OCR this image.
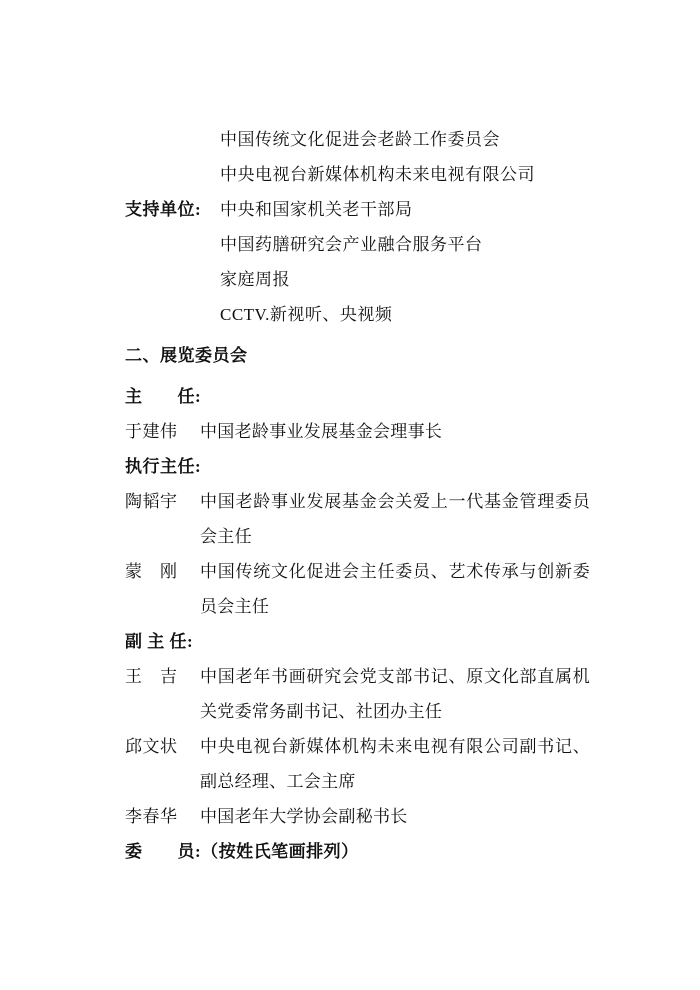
中国传统文化促进会老龄工作委员会
中央电视台新媒体机构未来电视有限公司
支持单位:	中央和国家机关老干部局
中国药膳研究会产业融合服务平台
家庭周报
CCTV.新视听、央视频
二、展览委员会
主　　任:
于建伟	中国老龄事业发展基金会理事长
执行主任:
陶韬宇	中国老龄事业发展基金会关爱上一代基金管理委员会主任
蒙　刚	中国传统文化促进会主任委员、艺术传承与创新委员会主任
副 主 任:
王　吉	中国老年书画研究会党支部书记、原文化部直属机关党委常务副书记、社团办主任
邱文状	中央电视台新媒体机构未来电视有限公司副书记、副总经理、工会主席
李春华	中国老年大学协会副秘书长
委　　员:（按姓氏笔画排列）
